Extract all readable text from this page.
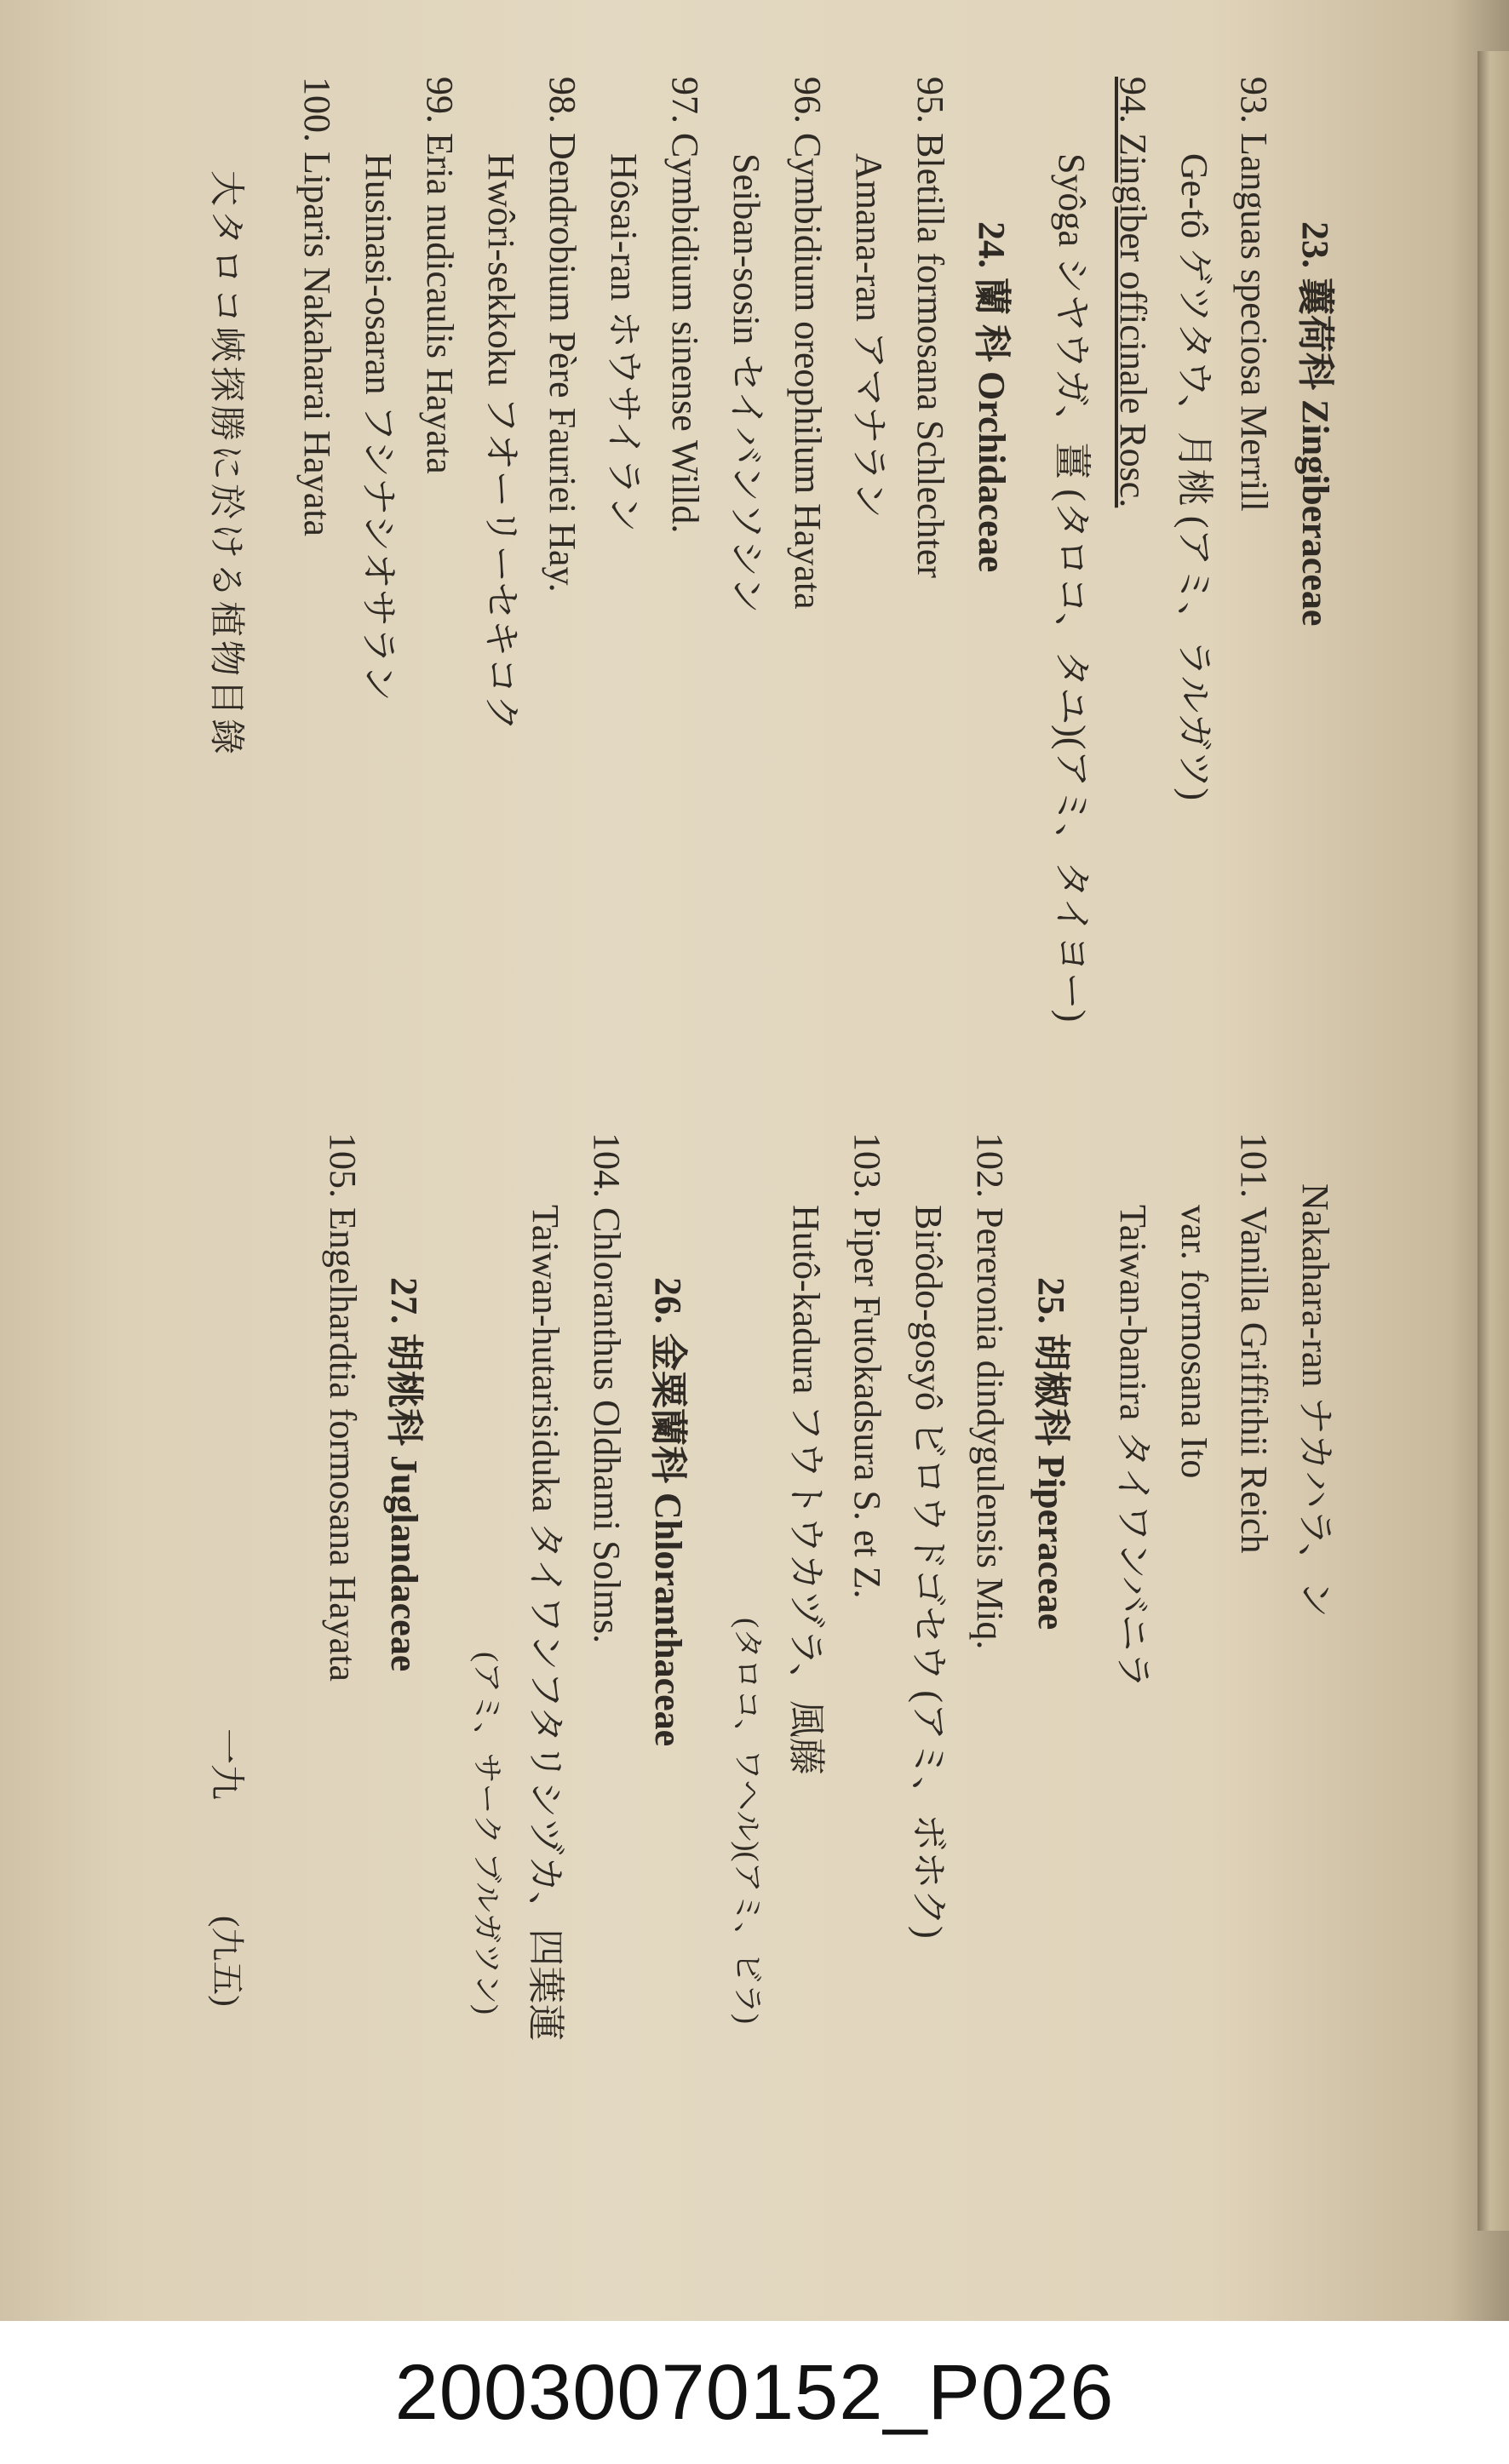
23. 蘘荷科 Zingiberaceae
93. Languas speciosa Merrill
Ge-tô ゲツタウ、月桃 (アミ、ラルガツ)
94. Zingiber officinale Rosc.
Syôga シヤウガ、薑 (タロコ、タユ)(アミ、タイヨー)
24. 蘭 科 Orchidaceae
95. Bletilla formosana Schlechter
Amana-ran アマナラン
96. Cymbidium oreophilum Hayata
Seiban-sosin セイバンソシン
97. Cymbidium sinense Willd.
Hôsai-ran ホウサイラン
98. Dendrobium Père Fauriei Hay.
Hwôri-sekkoku フオーリーセキコク
99. Eria nudicaulis Hayata
Husinasi-osaran フシナシオサラン
100. Liparis Nakaharai Hayata
大タロコ峽探勝に於ける植物目錄
Nakahara-ran ナカハラ、ン
101. Vanilla Griffithii Reich
var. formosana Ito
Taiwan-banira タイワンバニラ
25. 胡椒科 Piperaceae
102. Pereronia dindygulensis Miq.
Birôdo-gosyô ビロウドゴセウ (アミ、ボホク)
103. Piper Futokadsura S. et Z.
Hutô-kadura フウトウカヅラ、風藤
(タロコ、ワヘル)(アミ、ビラ)
26. 金粟蘭科 Chloranthaceae
104. Chloranthus Oldhami Solms.
Taiwan-hutarisiduka タイワンフタリシヅカ、四葉蓮
(アミ、サーク ブルガツン)
27. 胡桃科 Juglandaceae
105. Engelhardtia formosana Hayata
一九
(九五)
20030070152_P026
